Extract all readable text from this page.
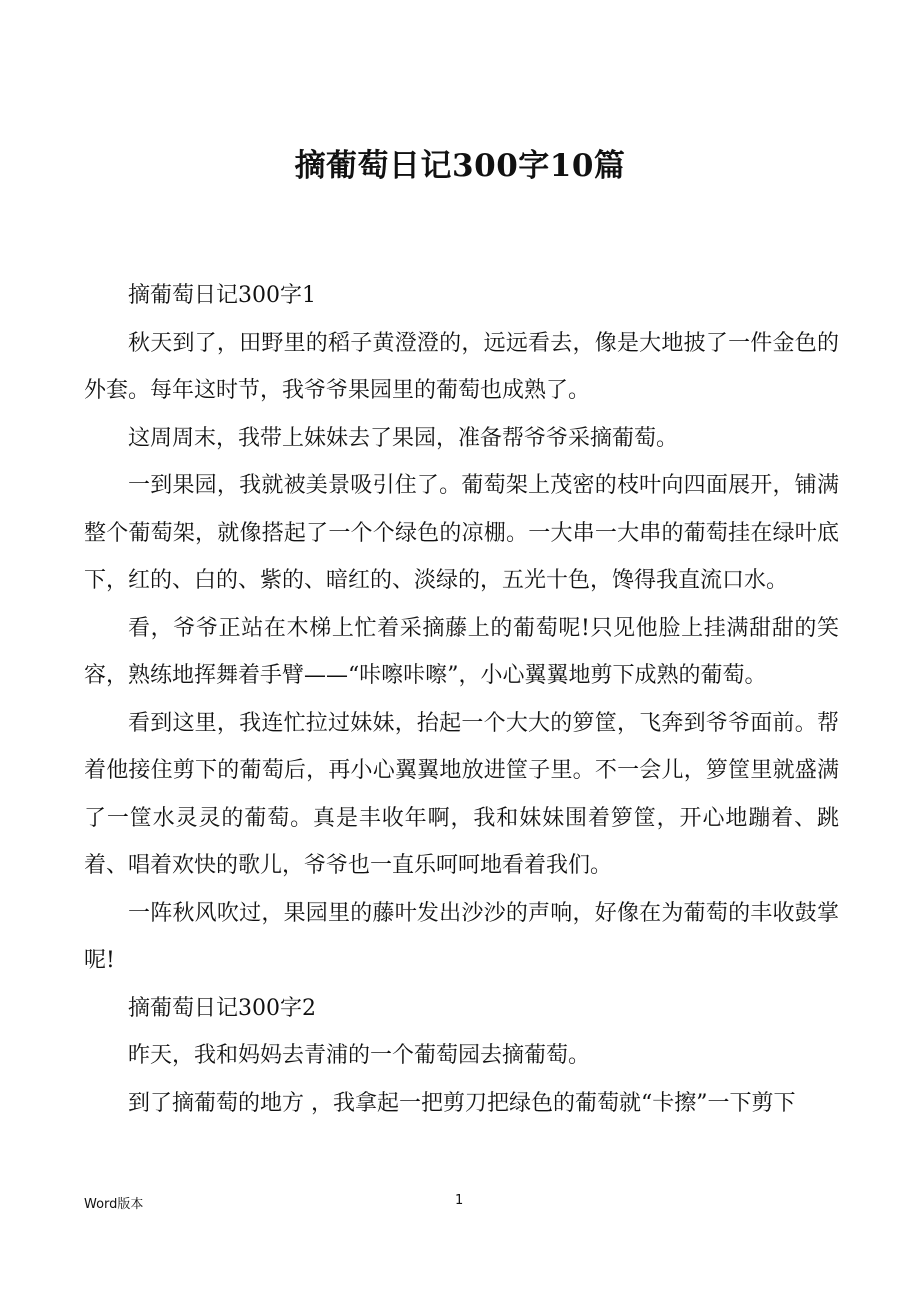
摘葡萄日记300字10篇

摘葡萄日记300字1

秋天到了，田野里的稻子黄澄澄的，远远看去，像是大地披了一件金色的外套。每年这时节，我爷爷果园里的葡萄也成熟了。

这周周末，我带上妹妹去了果园，准备帮爷爷采摘葡萄。

一到果园，我就被美景吸引住了。葡萄架上茂密的枝叶向四面展开，铺满整个葡萄架，就像搭起了一个个绿色的凉棚。一大串一大串的葡萄挂在绿叶底下，红的、白的、紫的、暗红的、淡绿的，五光十色，馋得我直流口水。

看，爷爷正站在木梯上忙着采摘藤上的葡萄呢!只见他脸上挂满甜甜的笑容，熟练地挥舞着手臂——“咔嚓咔嚓”，小心翼翼地剪下成熟的葡萄。

看到这里，我连忙拉过妹妹，抬起一个大大的箩筐，飞奔到爷爷面前。帮着他接住剪下的葡萄后，再小心翼翼地放进筐子里。不一会儿，箩筐里就盛满了一筐水灵灵的葡萄。真是丰收年啊，我和妹妹围着箩筐，开心地蹦着、跳着、唱着欢快的歌儿，爷爷也一直乐呵呵地看着我们。

一阵秋风吹过，果园里的藤叶发出沙沙的声响，好像在为葡萄的丰收鼓掌呢!

摘葡萄日记300字2

昨天，我和妈妈去青浦的一个葡萄园去摘葡萄。

到了摘葡萄的地方 ，我拿起一把剪刀把绿色的葡萄就“卡擦”一下剪下

Word版本	1
